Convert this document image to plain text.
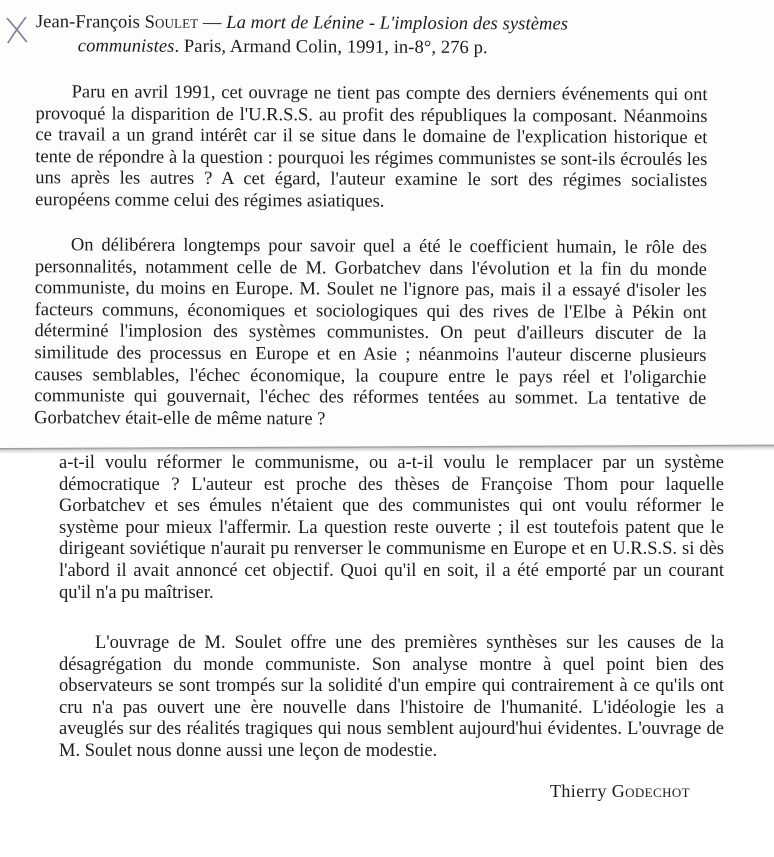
Jean-François Soulet — La mort de Lénine - L'implosion des systèmes
communistes. Paris, Armand Colin, 1991, in-8°, 276 p.

Paru en avril 1991, cet ouvrage ne tient pas compte des derniers événements qui ont provoqué la disparition de l'U.R.S.S. au profit des républiques la composant. Néanmoins ce travail a un grand intérêt car il se situe dans le domaine de l'explication historique et tente de répondre à la question : pourquoi les régimes communistes se sont-ils écroulés les uns après les autres ? A cet égard, l'auteur examine le sort des régimes socialistes européens comme celui des régimes asiatiques.

On délibérera longtemps pour savoir quel a été le coefficient humain, le rôle des personnalités, notamment celle de M. Gorbatchev dans l'évolution et la fin du monde communiste, du moins en Europe. M. Soulet ne l'ignore pas, mais il a essayé d'isoler les facteurs communs, économiques et sociologiques qui des rives de l'Elbe à Pékin ont déterminé l'implosion des systèmes communistes. On peut d'ailleurs discuter de la similitude des processus en Europe et en Asie ; néanmoins l'auteur discerne plusieurs causes semblables, l'échec économique, la coupure entre le pays réel et l'oligarchie communiste qui gouvernait, l'échec des réformes tentées au sommet. La tentative de Gorbatchev était-elle de même nature ?

a-t-il voulu réformer le communisme, ou a-t-il voulu le remplacer par un système démocratique ? L'auteur est proche des thèses de Françoise Thom pour laquelle Gorbatchev et ses émules n'étaient que des communistes qui ont voulu réformer le système pour mieux l'affermir. La question reste ouverte ; il est toutefois patent que le dirigeant soviétique n'aurait pu renverser le communisme en Europe et en U.R.S.S. si dès l'abord il avait annoncé cet objectif. Quoi qu'il en soit, il a été emporté par un courant qu'il n'a pu maîtriser.

L'ouvrage de M. Soulet offre une des premières synthèses sur les causes de la désagrégation du monde communiste. Son analyse montre à quel point bien des observateurs se sont trompés sur la solidité d'un empire qui contrairement à ce qu'ils ont cru n'a pas ouvert une ère nouvelle dans l'histoire de l'humanité. L'idéologie les a aveuglés sur des réalités tragiques qui nous semblent aujourd'hui évidentes. L'ouvrage de M. Soulet nous donne aussi une leçon de modestie.

Thierry Godechot
